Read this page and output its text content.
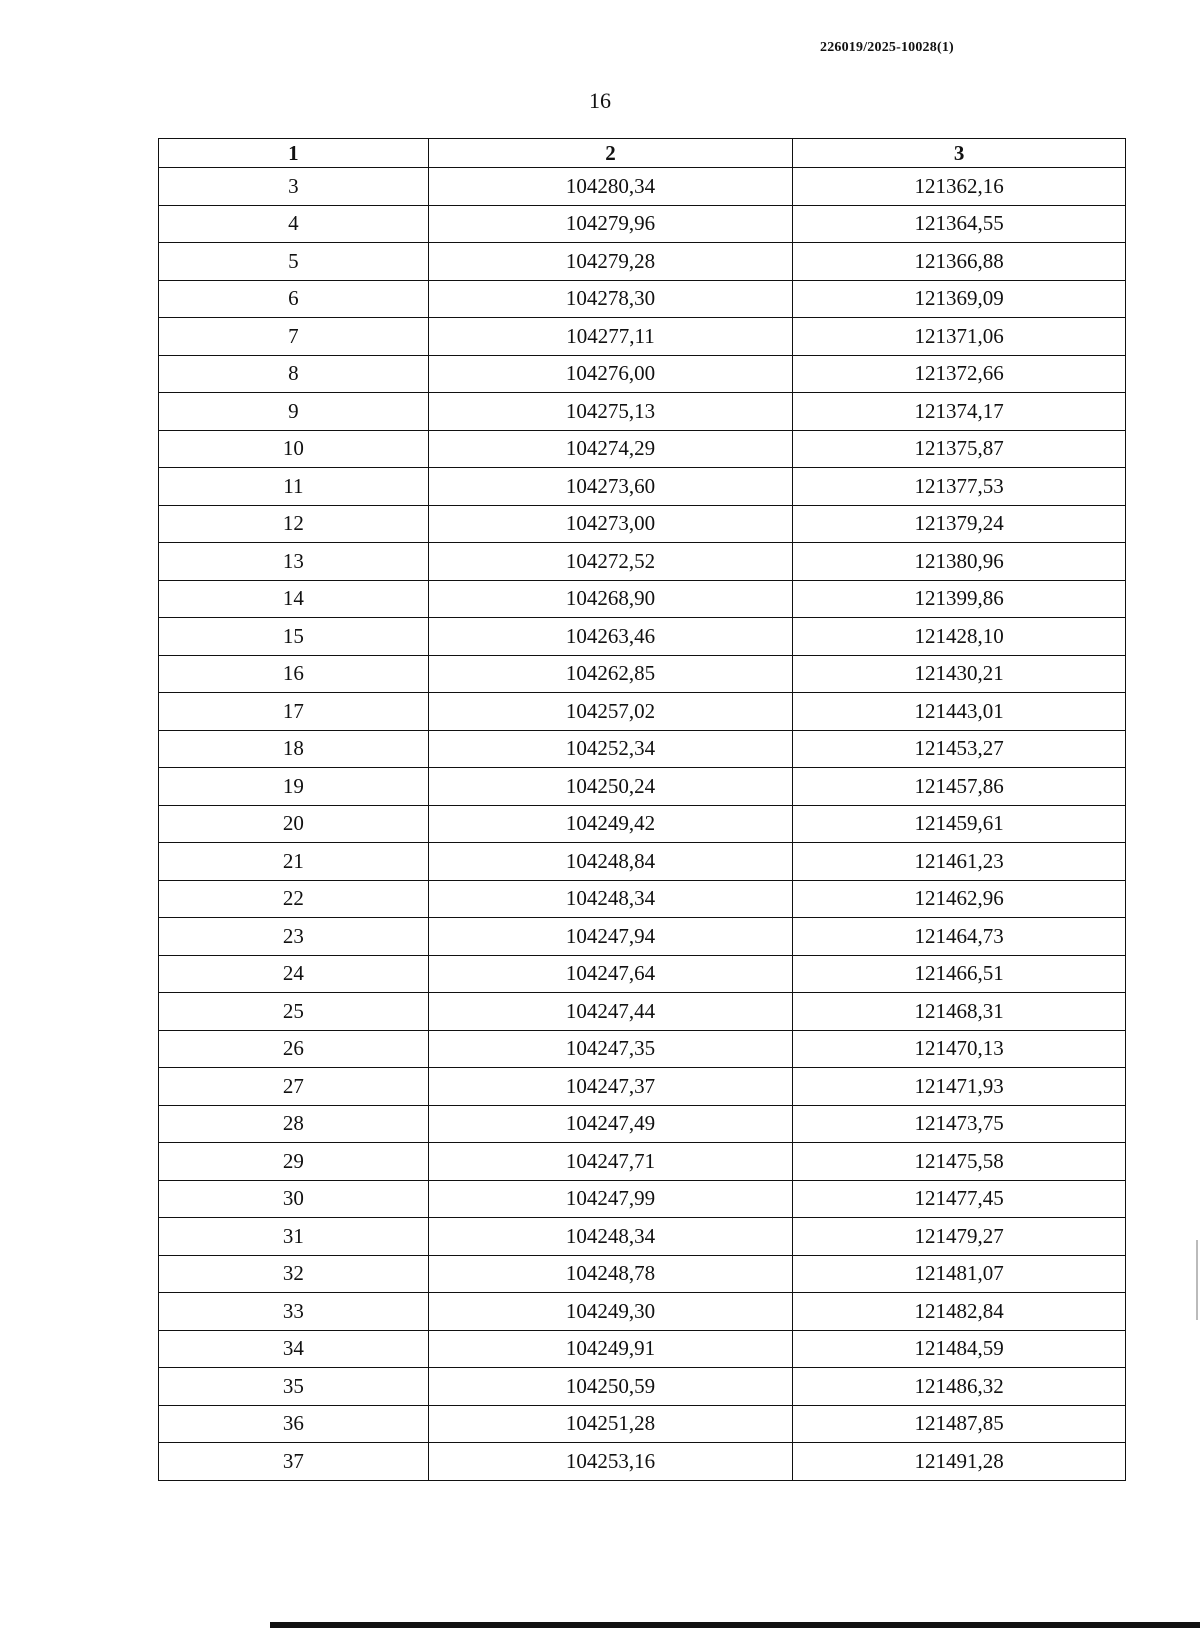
226019/2025-10028(1)
16
1	2	3
3	104280,34	121362,16
4	104279,96	121364,55
5	104279,28	121366,88
6	104278,30	121369,09
7	104277,11	121371,06
8	104276,00	121372,66
9	104275,13	121374,17
10	104274,29	121375,87
11	104273,60	121377,53
12	104273,00	121379,24
13	104272,52	121380,96
14	104268,90	121399,86
15	104263,46	121428,10
16	104262,85	121430,21
17	104257,02	121443,01
18	104252,34	121453,27
19	104250,24	121457,86
20	104249,42	121459,61
21	104248,84	121461,23
22	104248,34	121462,96
23	104247,94	121464,73
24	104247,64	121466,51
25	104247,44	121468,31
26	104247,35	121470,13
27	104247,37	121471,93
28	104247,49	121473,75
29	104247,71	121475,58
30	104247,99	121477,45
31	104248,34	121479,27
32	104248,78	121481,07
33	104249,30	121482,84
34	104249,91	121484,59
35	104250,59	121486,32
36	104251,28	121487,85
37	104253,16	121491,28
